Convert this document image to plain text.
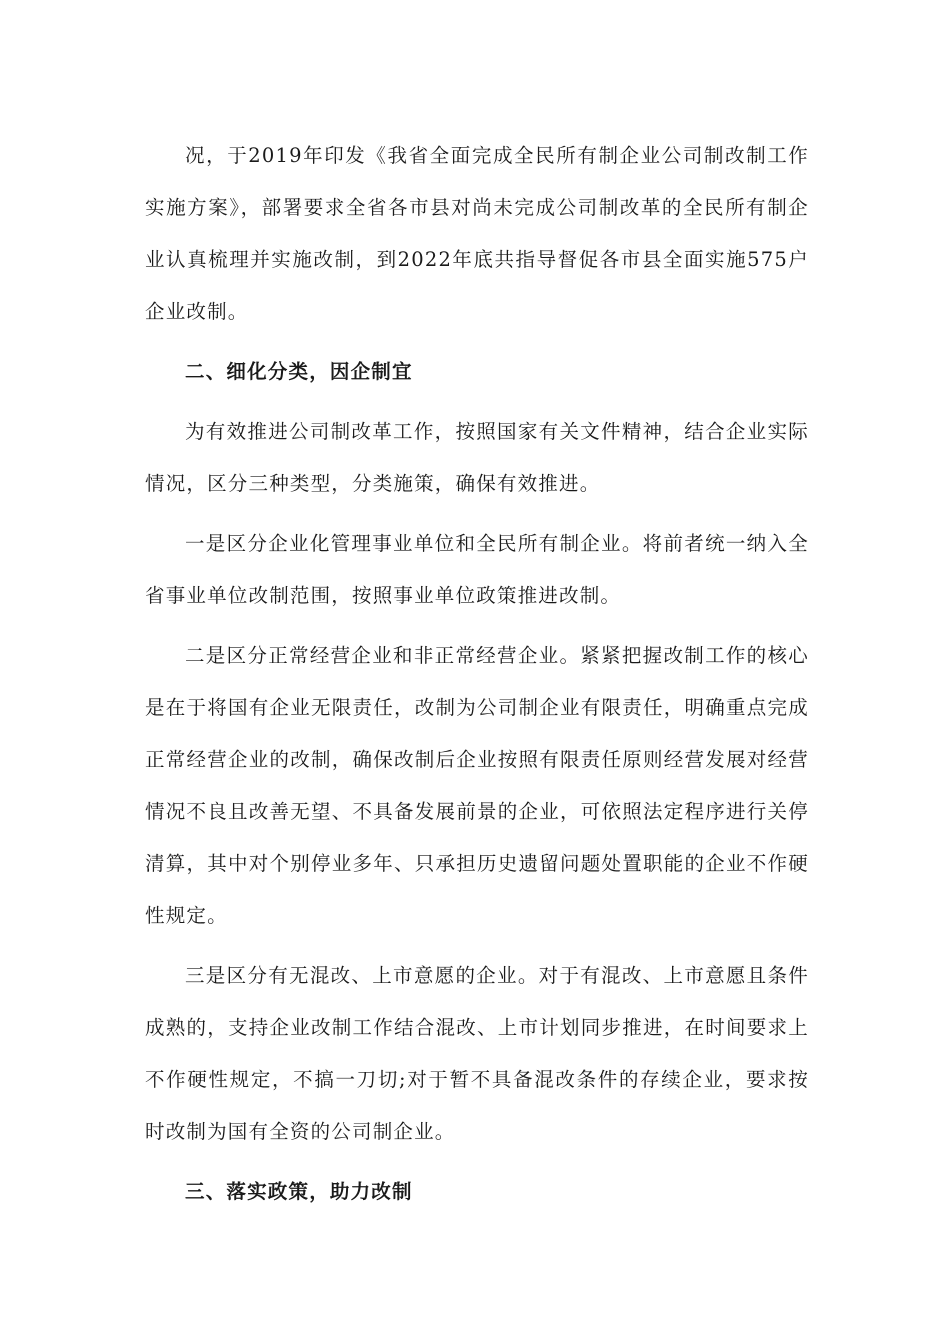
况，于2019年印发《我省全面完成全民所有制企业公司制改制工作实施方案》，部署要求全省各市县对尚未完成公司制改革的全民所有制企业认真梳理并实施改制，到2022年底共指导督促各市县全面实施575户企业改制。

二、细化分类，因企制宜

为有效推进公司制改革工作，按照国家有关文件精神，结合企业实际情况，区分三种类型，分类施策，确保有效推进。

一是区分企业化管理事业单位和全民所有制企业。将前者统一纳入全省事业单位改制范围，按照事业单位政策推进改制。

二是区分正常经营企业和非正常经营企业。紧紧把握改制工作的核心是在于将国有企业无限责任，改制为公司制企业有限责任，明确重点完成正常经营企业的改制，确保改制后企业按照有限责任原则经营发展对经营情况不良且改善无望、不具备发展前景的企业，可依照法定程序进行关停清算，其中对个别停业多年、只承担历史遗留问题处置职能的企业不作硬性规定。

三是区分有无混改、上市意愿的企业。对于有混改、上市意愿且条件成熟的，支持企业改制工作结合混改、上市计划同步推进，在时间要求上不作硬性规定，不搞一刀切;对于暂不具备混改条件的存续企业，要求按时改制为国有全资的公司制企业。

三、落实政策，助力改制
